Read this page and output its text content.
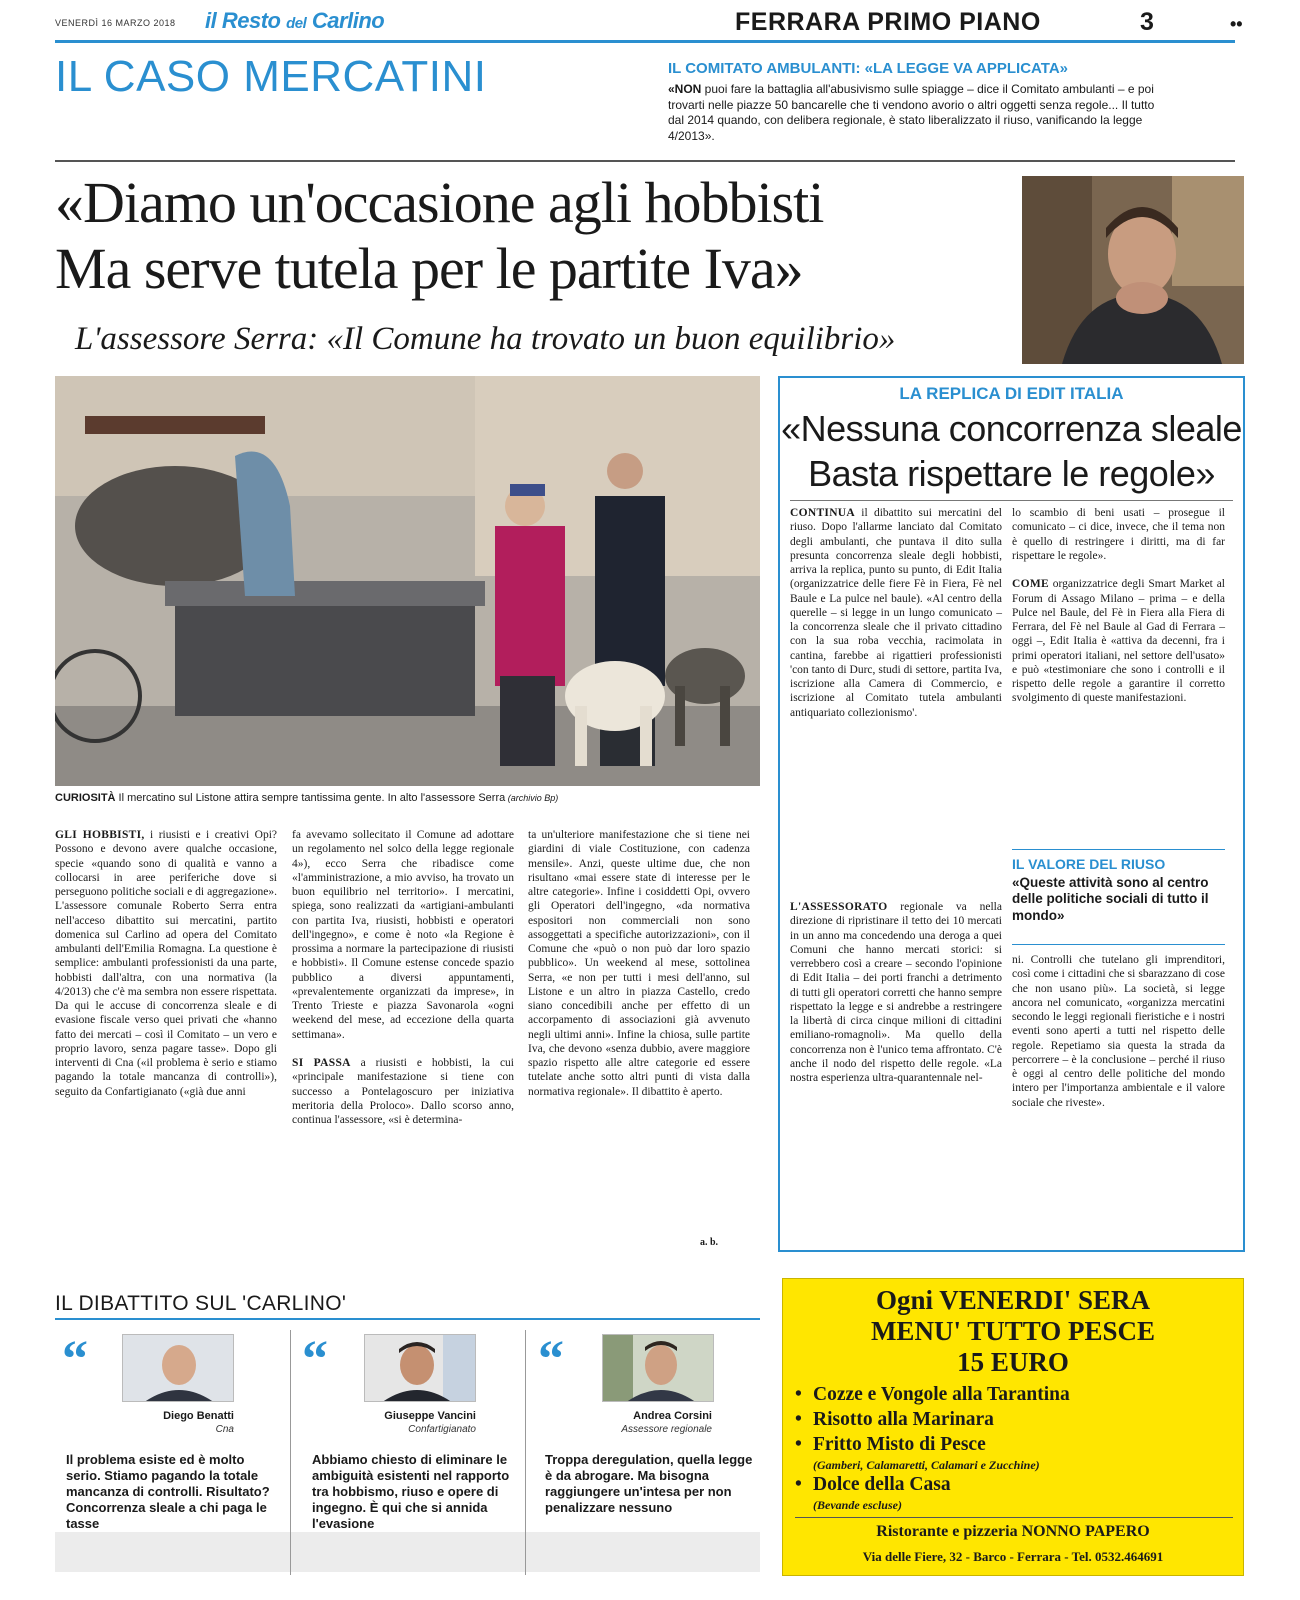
VENERDÌ 16 MARZO 2018 il Resto del Carlino	FERRARA PRIMO PIANO	3	••
IL CASO MERCATINI	IL COMITATO AMBULANTI: «LA LEGGE VA APPLICATA»
«NON puoi fare la battaglia all'abusivismo sulle spiagge – dice il Comitato ambulanti – e poi trovarti nelle piazze 50 bancarelle che ti vendono avorio o altri oggetti senza regole... Il tutto dal 2014 quando, con delibera regionale, è stato liberalizzato il riuso, vanificando la legge 4/2013».
«Diamo un'occasione agli hobbisti
Ma serve tutela per le partite Iva»
L'assessore Serra: «Il Comune ha trovato un buon equilibrio»
CURIOSITÀ Il mercatino sul Listone attira sempre tantissima gente. In alto l'assessore Serra (archivio Bp)
GLI HOBBISTI, i riusisti e i creativi Opi? Possono e devono avere qualche occasione, specie «quando sono di qualità e vanno a collocarsi in aree periferiche dove si perseguono politiche sociali e di aggregazione». L'assessore comunale Roberto Serra entra nell'acceso dibattito sui mercatini, partito domenica sul Carlino ad opera del Comitato ambulanti dell'Emilia Romagna. La questione è semplice: ambulanti professionisti da una parte, hobbisti dall'altra, con una normativa (la 4/2013) che c'è ma sembra non essere rispettata. Da qui le accuse di concorrenza sleale e di evasione fiscale verso quei privati che «hanno fatto dei mercati – così il Comitato – un vero e proprio lavoro, senza pagare tasse». Dopo gli interventi di Cna («il problema è serio e stiamo pagando la totale mancanza di controlli»), seguito da Confartigianato («già due anni
fa avevamo sollecitato il Comune ad adottare un regolamento nel solco della legge regionale 4»), ecco Serra che ribadisce come «l'amministrazione, a mio avviso, ha trovato un buon equilibrio nel territorio». I mercatini, spiega, sono realizzati da «artigiani-ambulanti con partita Iva, riusisti, hobbisti e operatori dell'ingegno», e come è noto «la Regione è prossima a normare la partecipazione di riusisti e hobbisti». Il Comune estense concede spazio pubblico a diversi appuntamenti, «prevalentemente organizzati da imprese», in Trento Trieste e piazza Savonarola «ogni weekend del mese, ad eccezione della quarta settimana».

SI PASSA a riusisti e hobbisti, la cui «principale manifestazione si tiene con successo a Pontelagoscuro per iniziativa meritoria della Proloco». Dallo scorso anno, continua l'assessore, «si è determina-
ta un'ulteriore manifestazione che si tiene nei giardini di viale Costituzione, con cadenza mensile». Anzi, queste ultime due, che non risultano «mai essere state di interesse per le altre categorie». Infine i cosiddetti Opi, ovvero gli Operatori dell'ingegno, «da normativa espositori non commerciali non sono assoggettati a specifiche autorizzazioni», con il Comune che «può o non può dar loro spazio pubblico». Un weekend al mese, sottolinea Serra, «e non per tutti i mesi dell'anno, sul Listone e un altro in piazza Castello, credo siano concedibili anche per effetto di un accorpamento di associazioni già avvenuto negli ultimi anni». Infine la chiosa, sulle partite Iva, che devono «senza dubbio, avere maggiore spazio rispetto alle altre categorie ed essere tutelate anche sotto altri punti di vista dalla normativa regionale». Il dibattito è aperto.
a. b.
LA REPLICA DI EDIT ITALIA
«Nessuna concorrenza sleale
Basta rispettare le regole»
CONTINUA il dibattito sui mercatini del riuso. Dopo l'allarme lanciato dal Comitato degli ambulanti, che puntava il dito sulla presunta concorrenza sleale degli hobbisti, arriva la replica, punto su punto, di Edit Italia (organizzatrice delle fiere Fè in Fiera, Fè nel Baule e La pulce nel baule). «Al centro della querelle – si legge in un lungo comunicato – la concorrenza sleale che il privato cittadino con la sua roba vecchia, racimolata in cantina, farebbe ai rigattieri professionisti 'con tanto di Durc, studi di settore, partita Iva, iscrizione alla Camera di Commercio, e iscrizione al Comitato tutela ambulanti antiquariato collezionismo'.
L'ASSESSORATO regionale va nella direzione di ripristinare il tetto dei 10 mercati in un anno ma concedendo una deroga a quei Comuni che hanno mercati storici: si verrebbero così a creare – secondo l'opinione di Edit Italia – dei porti franchi a detrimento di tutti gli operatori corretti che hanno sempre rispettato la legge e si andrebbe a restringere la libertà di circa cinque milioni di cittadini emiliano-romagnoli». Ma quello della concorrenza non è l'unico tema affrontato. C'è anche il nodo del rispetto delle regole. «La nostra esperienza ultra-quarantennale nel-
lo scambio di beni usati – prosegue il comunicato – ci dice, invece, che il tema non è quello di restringere i diritti, ma di far rispettare le regole».

COME organizzatrice degli Smart Market al Forum di Assago Milano – prima – e della Pulce nel Baule, del Fè in Fiera alla Fiera di Ferrara, del Fè nel Baule al Gad di Ferrara – oggi –, Edit Italia è «attiva da decenni, fra i primi operatori italiani, nel settore dell'usato» e può «testimoniare che sono i controlli e il rispetto delle regole a garantire il corretto svolgimento di queste manifestazioni.
IL VALORE DEL RIUSO
«Queste attività sono al centro delle politiche sociali di tutto il mondo»
ni. Controlli che tutelano gli imprenditori, così come i cittadini che si sbarazzano di cose che non usano più». La società, si legge ancora nel comunicato, «organizza mercatini secondo le leggi regionali fieristiche e i nostri eventi sono aperti a tutti nel rispetto delle regole. Repetiamo sia questa la strada da percorrere – è la conclusione – perché il riuso è oggi al centro delle politiche del mondo intero per l'importanza ambientale e il valore sociale che riveste».
IL DIBATTITO SUL 'CARLINO'
“
Diego Benatti
Cna
Il problema esiste ed è molto serio. Stiamo pagando la totale mancanza di controlli. Risultato? Concorrenza sleale a chi paga le tasse
“
Giuseppe Vancini
Confartigianato
Abbiamo chiesto di eliminare le ambiguità esistenti nel rapporto tra hobbismo, riuso e opere di ingegno. È qui che si annida l'evasione
“
Andrea Corsini
Assessore regionale
Troppa deregulation, quella legge è da abrogare. Ma bisogna raggiungere un'intesa per non penalizzare nessuno
Ogni VENERDI' SERA
MENU' TUTTO PESCE
15 EURO
• Cozze e Vongole alla Tarantina
• Risotto alla Marinara
• Fritto Misto di Pesce
(Gamberi, Calamaretti, Calamari e Zucchine)
• Dolce della Casa
(Bevande escluse)
Ristorante e pizzeria NONNO PAPERO
Via delle Fiere, 32 - Barco - Ferrara - Tel. 0532.464691
